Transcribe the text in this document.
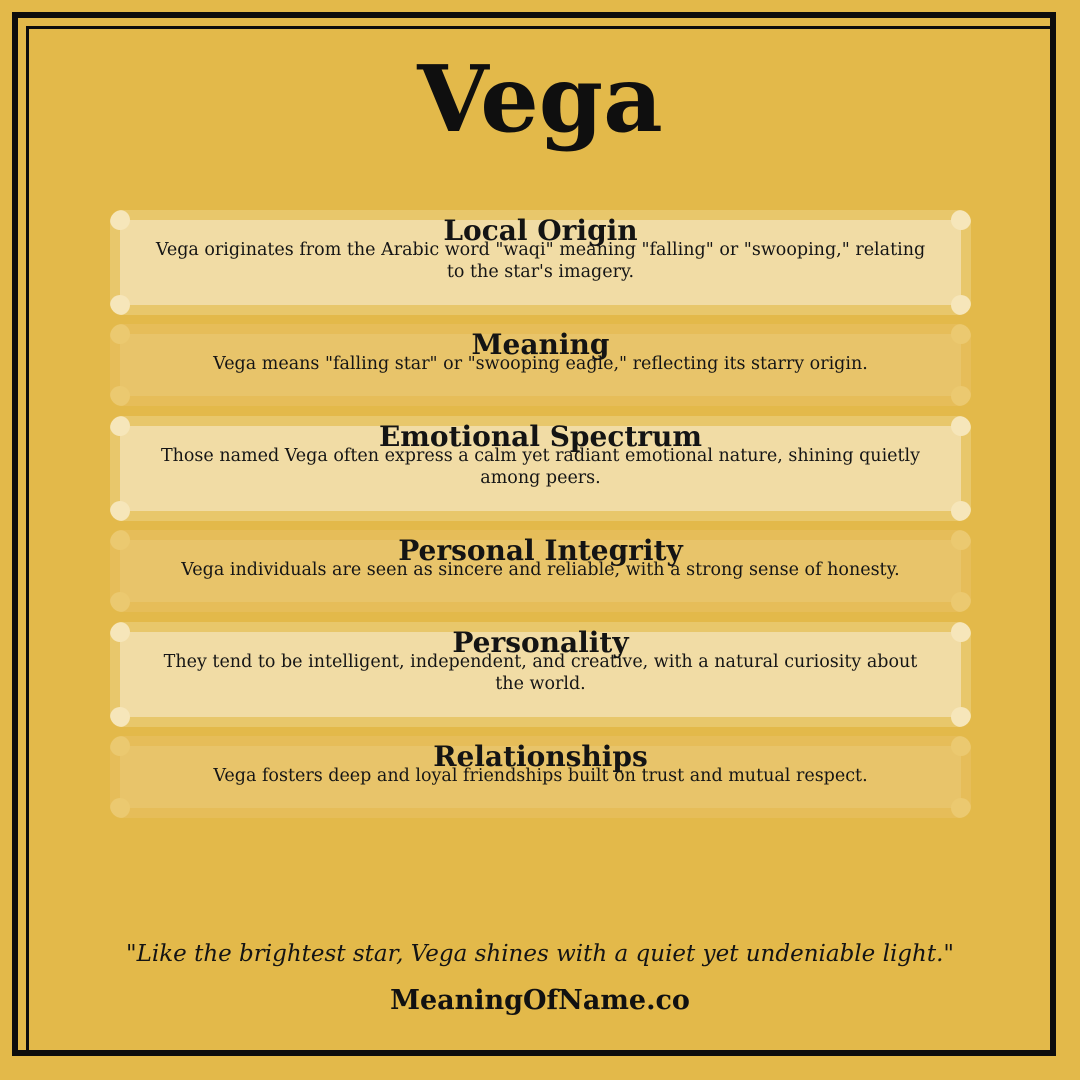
Vega
Local Origin

Vega originates from the Arabic word "waqi" meaning "falling" or "swooping," relating to the star's imagery.

Meaning

Vega means "falling star" or "swooping eagle," reflecting its starry origin.

Emotional Spectrum

Those named Vega often express a calm yet radiant emotional nature, shining quietly among peers.

Personal Integrity

Vega individuals are seen as sincere and reliable, with a strong sense of honesty.

Personality

They tend to be intelligent, independent, and creative, with a natural curiosity about the world.

Relationships

Vega fosters deep and loyal friendships built on trust and mutual respect.

"Like the brightest star, Vega shines with a quiet yet undeniable light."

MeaningOfName.co
